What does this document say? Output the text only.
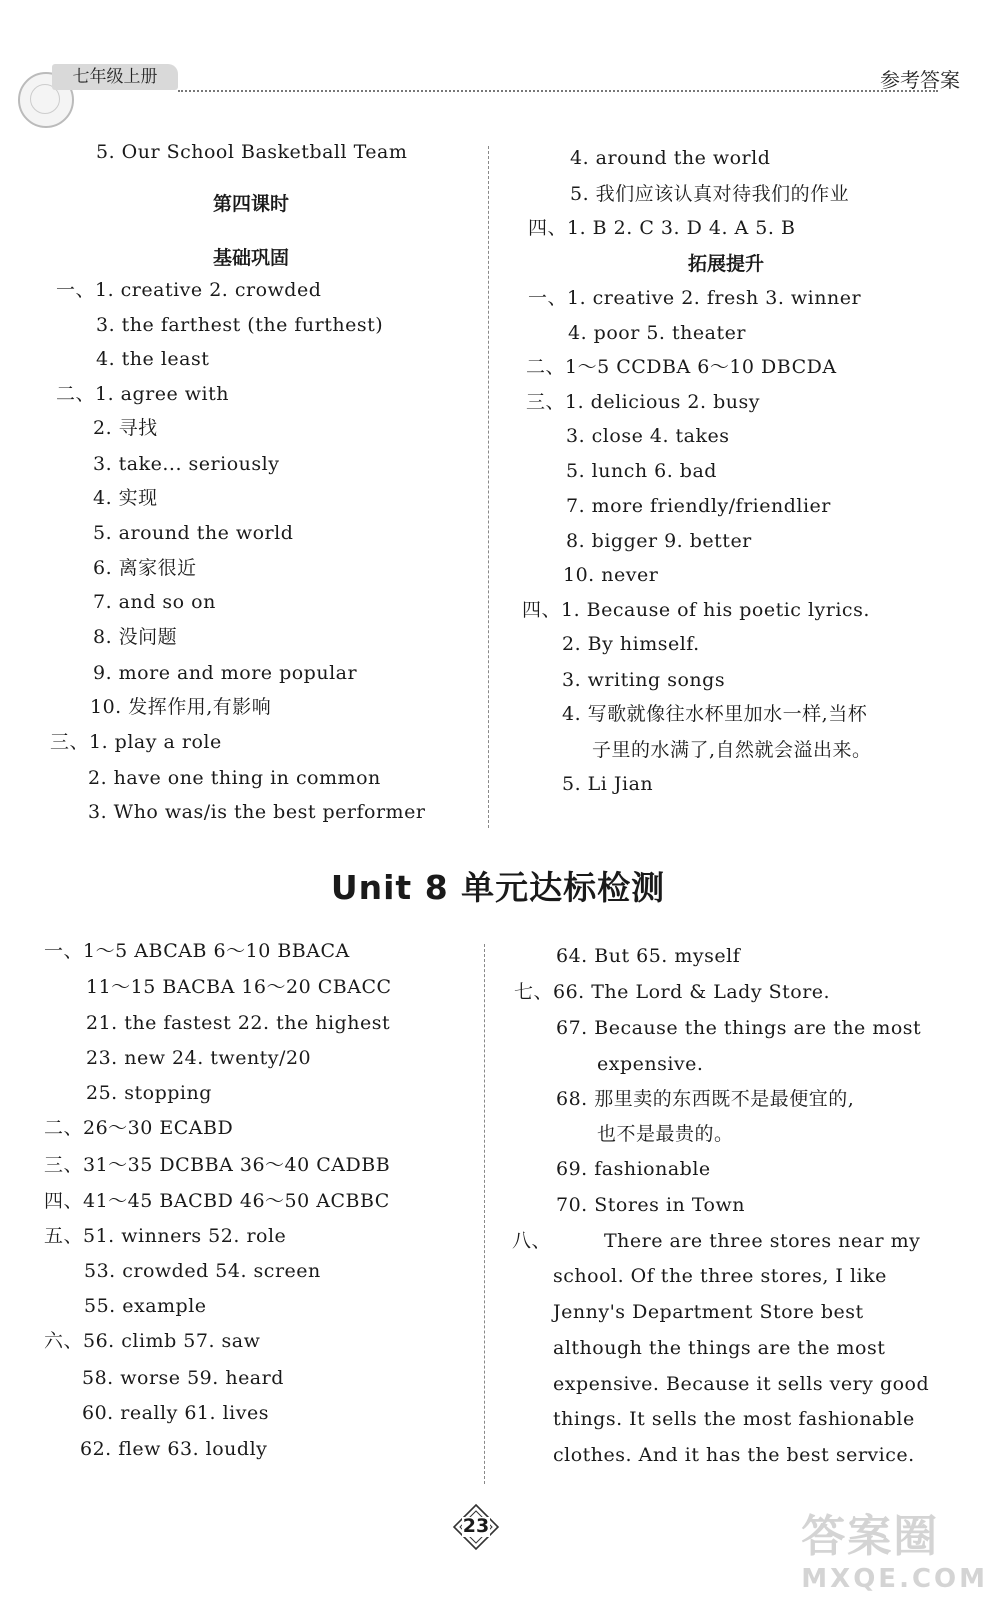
七年级上册	参考答案
5. Our School Basketball Team
第四课时
基础巩固
一、1. creative 2. crowded
3. the farthest (the furthest)
4. the least
二、1. agree with
2. 寻找
3. take... seriously
4. 实现
5. around the world
6. 离家很近
7. and so on
8. 没问题
9. more and more popular
10. 发挥作用,有影响
三、1. play a role
2. have one thing in common
3. Who was/is the best performer
4. around the world
5. 我们应该认真对待我们的作业
四、1. B 2. C 3. D 4. A 5. B
拓展提升
一、1. creative 2. fresh 3. winner
4. poor 5. theater
二、1～5 CCDBA 6～10 DBCDA
三、1. delicious 2. busy
3. close 4. takes
5. lunch 6. bad
7. more friendly/friendlier
8. bigger 9. better
10. never
四、1. Because of his poetic lyrics.
2. By himself.
3. writing songs
4. 写歌就像往水杯里加水一样,当杯
子里的水满了,自然就会溢出来。
5. Li Jian
Unit 8 单元达标检测
一、1～5 ABCAB 6～10 BBACA
11～15 BACBA 16～20 CBACC
21. the fastest 22. the highest
23. new 24. twenty/20
25. stopping
二、26～30 ECABD
三、31～35 DCBBA 36～40 CADBB
四、41～45 BACBD 46～50 ACBBC
五、51. winners 52. role
53. crowded 54. screen
55. example
六、56. climb 57. saw
58. worse 59. heard
60. really 61. lives
62. flew 63. loudly
64. But 65. myself
七、66. The Lord & Lady Store.
67. Because the things are the most
expensive.
68. 那里卖的东西既不是最便宜的,
也不是最贵的。
69. fashionable
70. Stores in Town
八、	There are three stores near my
school. Of the three stores, I like
Jenny's Department Store best
although the things are the most
expensive. Because it sells very good
things. It sells the most fashionable
clothes. And it has the best service.
23	答案圈
MXQE.COM
